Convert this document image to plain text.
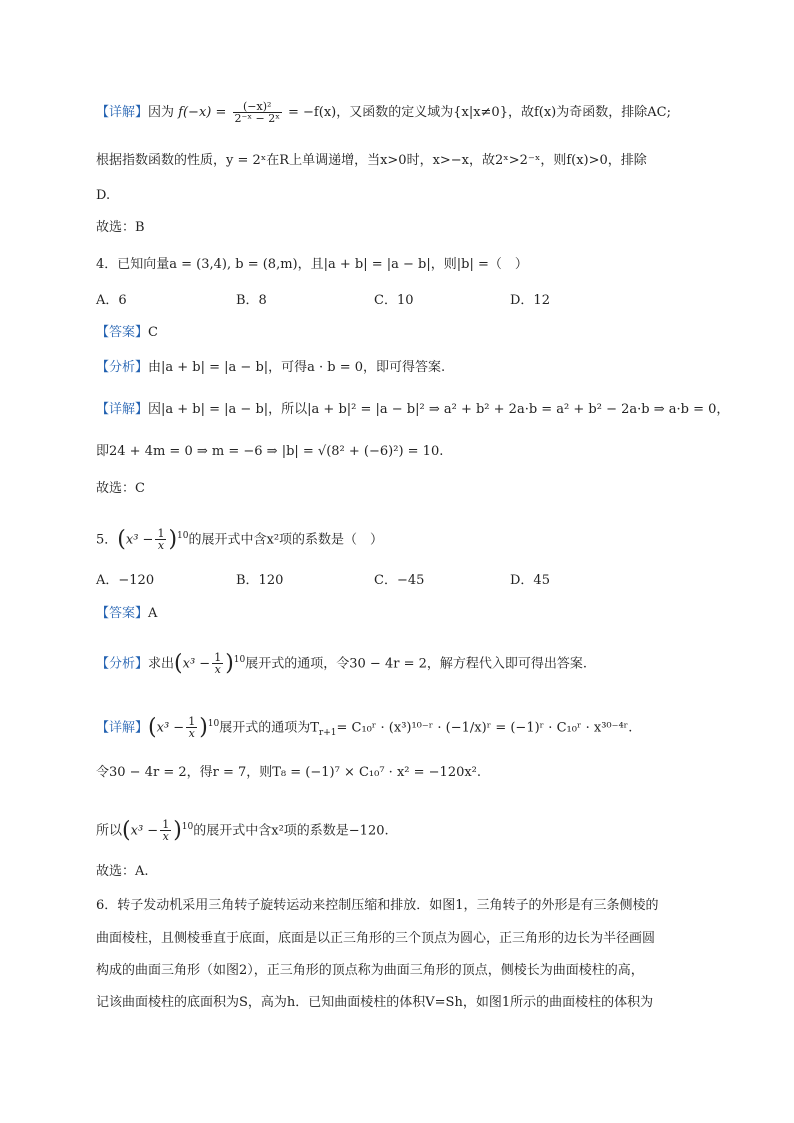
【详解】因为 $f(-x) = \frac{\text{(−x)²}}{\text{2⁻ˣ − 2ˣ}} = -f(x)$，又函数的定义域为{x|x≠0}，故f(x)为奇函数，排除AC;
根据指数函数的性质，y = 2ˣ在R上单调递增，当x>0时，x>−x，故2ˣ>2⁻ˣ，则f(x)>0，排除
D.
故选：B
4．已知向量a = (3,4), b = (8,m)，且|a + b| = |a − b|，则|b| =（　）
A．6	B．8	C．10	D．12
【答案】C
【分析】由|a + b| = |a − b|，可得a · b = 0，即可得答案.
【详解】因|a + b| = |a − b|，所以|a + b|² = |a − b|² ⇒ a² + b² + 2a·b = a² + b² − 2a·b ⇒ a·b = 0，
即24 + 4m = 0 ⇒ m = −6 ⇒ |b| = √(8² + (−6)²) = 10.
故选：C
5．$(x^3 - \frac{1}{x} )^{10}$的展开式中含x²项的系数是（　）
A．−120	B．120	C．−45	D．45
【答案】A
【分析】求出$(x^3 - \frac{1}{x} )^{10}$展开式的通项，令30 − 4r = 2，解方程代入即可得出答案.
【详解】$(x^3 - \frac{1}{x} )^{10}$展开式的通项为$T_{r+1}=$ C₁₀ʳ · (x³)¹⁰⁻ʳ · (−1/x)ʳ = (−1)ʳ · C₁₀ʳ · x³⁰⁻⁴ʳ.
令30 − 4r = 2，得r = 7，则T₈ = (−1)⁷ × C₁₀⁷ · x² = −120x².
所以$(x^3 - \frac{1}{x} )^{10}$的展开式中含x²项的系数是−120.
故选：A.
6．转子发动机采用三角转子旋转运动来控制压缩和排放．如图1，三角转子的外形是有三条侧棱的
曲面棱柱，且侧棱垂直于底面，底面是以正三角形的三个顶点为圆心，正三角形的边长为半径画圆
构成的曲面三角形（如图2），正三角形的顶点称为曲面三角形的顶点，侧棱长为曲面棱柱的高，
记该曲面棱柱的底面积为S，高为h．已知曲面棱柱的体积V=Sh，如图1所示的曲面棱柱的体积为
